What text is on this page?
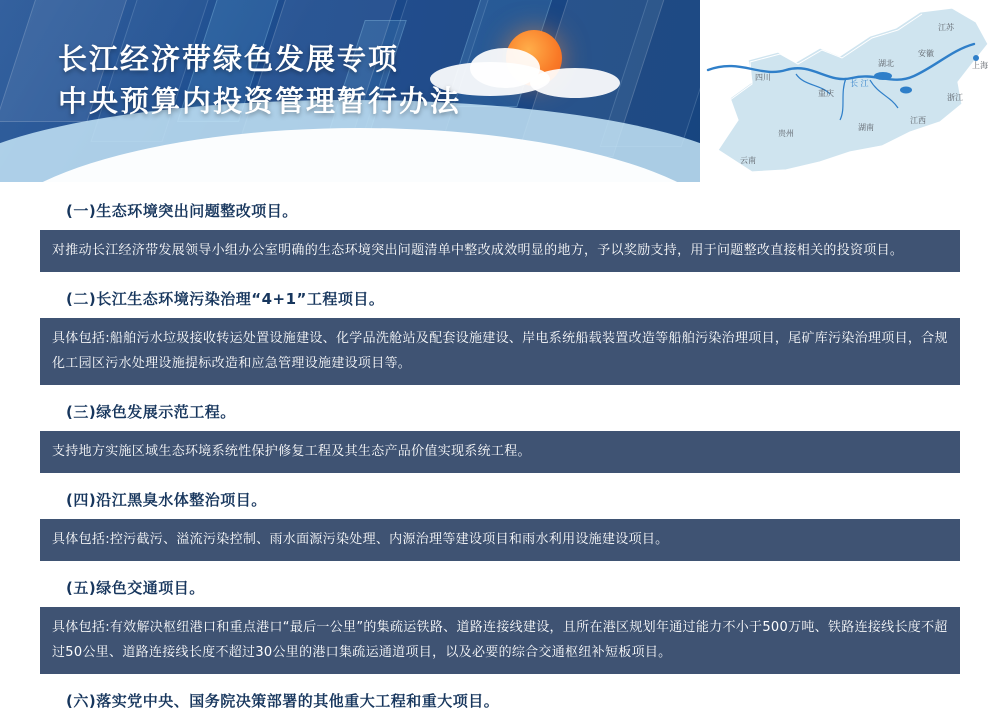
长江经济带绿色发展专项
中央预算内投资管理暂行办法
四川
重庆
湖北
湖南
江西
安徽
江苏
上海
浙江
贵州
云南
长 江
(一)生态环境突出问题整改项目。
对推动长江经济带发展领导小组办公室明确的生态环境突出问题清单中整改成效明显的地方，予以奖励支持，用于问题整改直接相关的投资项目。
(二)长江生态环境污染治理“4+1”工程项目。
具体包括:船舶污水垃圾接收转运处置设施建设、化学品洗舱站及配套设施建设、岸电系统船载装置改造等船舶污染治理项目，尾矿库污染治理项目，合规化工园区污水处理设施提标改造和应急管理设施建设项目等。
(三)绿色发展示范工程。
支持地方实施区域生态环境系统性保护修复工程及其生态产品价值实现系统工程。
(四)沿江黑臭水体整治项目。
具体包括:控污截污、溢流污染控制、雨水面源污染处理、内源治理等建设项目和雨水利用设施建设项目。
(五)绿色交通项目。
具体包括:有效解决枢纽港口和重点港口“最后一公里”的集疏运铁路、道路连接线建设，且所在港区规划年通过能力不小于500万吨、铁路连接线长度不超过50公里、道路连接线长度不超过30公里的港口集疏运通道项目，以及必要的综合交通枢纽补短板项目。
(六)落实党中央、国务院决策部署的其他重大工程和重大项目。
